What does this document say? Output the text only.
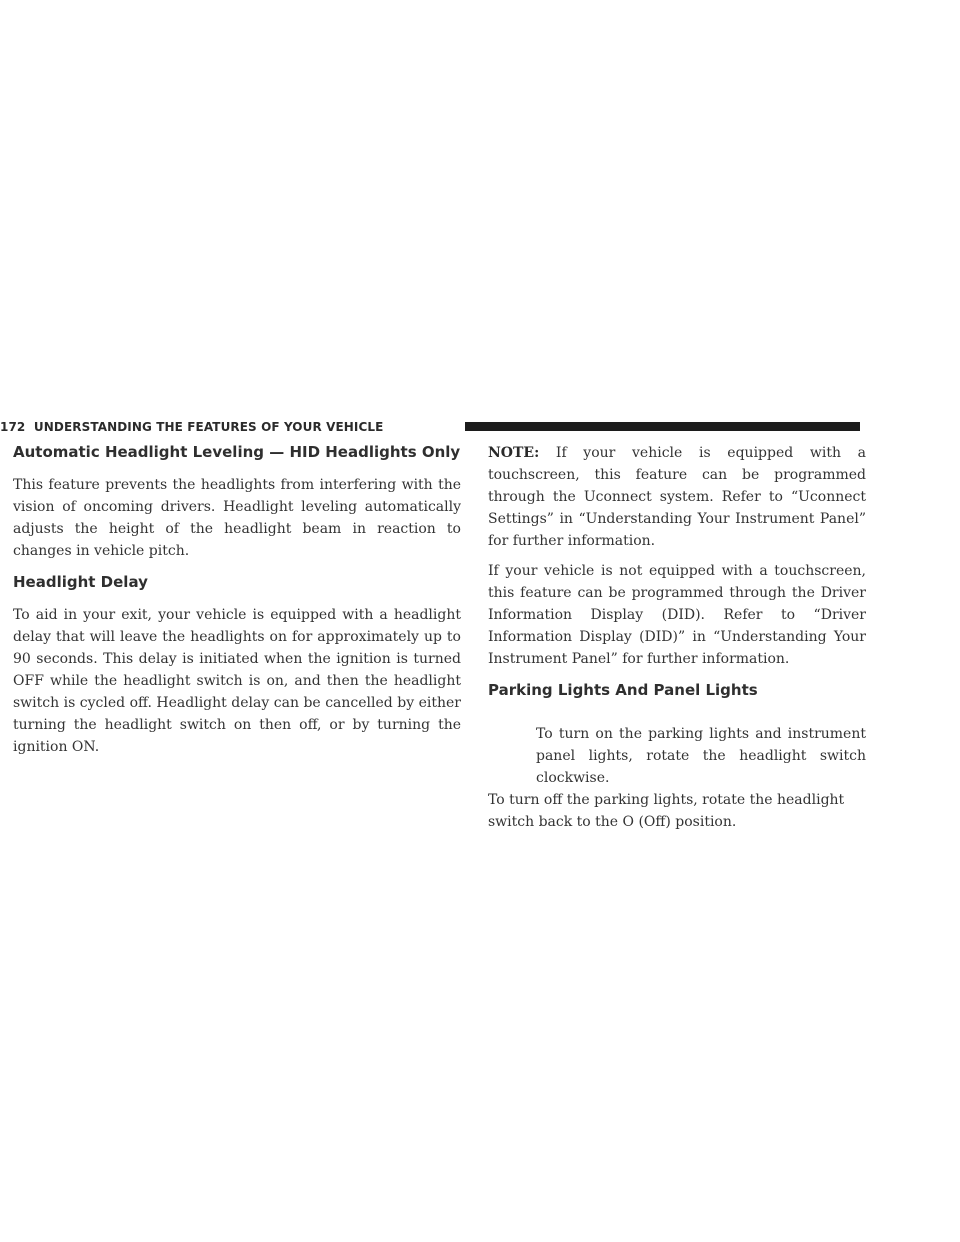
172 UNDERSTANDING THE FEATURES OF YOUR VEHICLE
Automatic Headlight Leveling — HID Headlights Only

This feature prevents the headlights from interfering with the vision of oncoming drivers. Headlight leveling automatically adjusts the height of the headlight beam in reaction to changes in vehicle pitch.

Headlight Delay

To aid in your exit, your vehicle is equipped with a headlight delay that will leave the headlights on for approximately up to 90 seconds. This delay is initiated when the ignition is turned OFF while the headlight switch is on, and then the headlight switch is cycled off. Headlight delay can be cancelled by either turning the headlight switch on then off, or by turning the ignition ON.

NOTE: If your vehicle is equipped with a touchscreen, this feature can be programmed through the Uconnect system. Refer to “Uconnect Settings” in “Understanding Your Instrument Panel” for further information.

If your vehicle is not equipped with a touchscreen, this feature can be programmed through the Driver Information Display (DID). Refer to “Driver Information Display (DID)” in “Understanding Your Instrument Panel” for further information.

Parking Lights And Panel Lights

To turn on the parking lights and instrument panel lights, rotate the headlight switch clockwise.

To turn off the parking lights, rotate the headlight switch back to the O (Off) position.
